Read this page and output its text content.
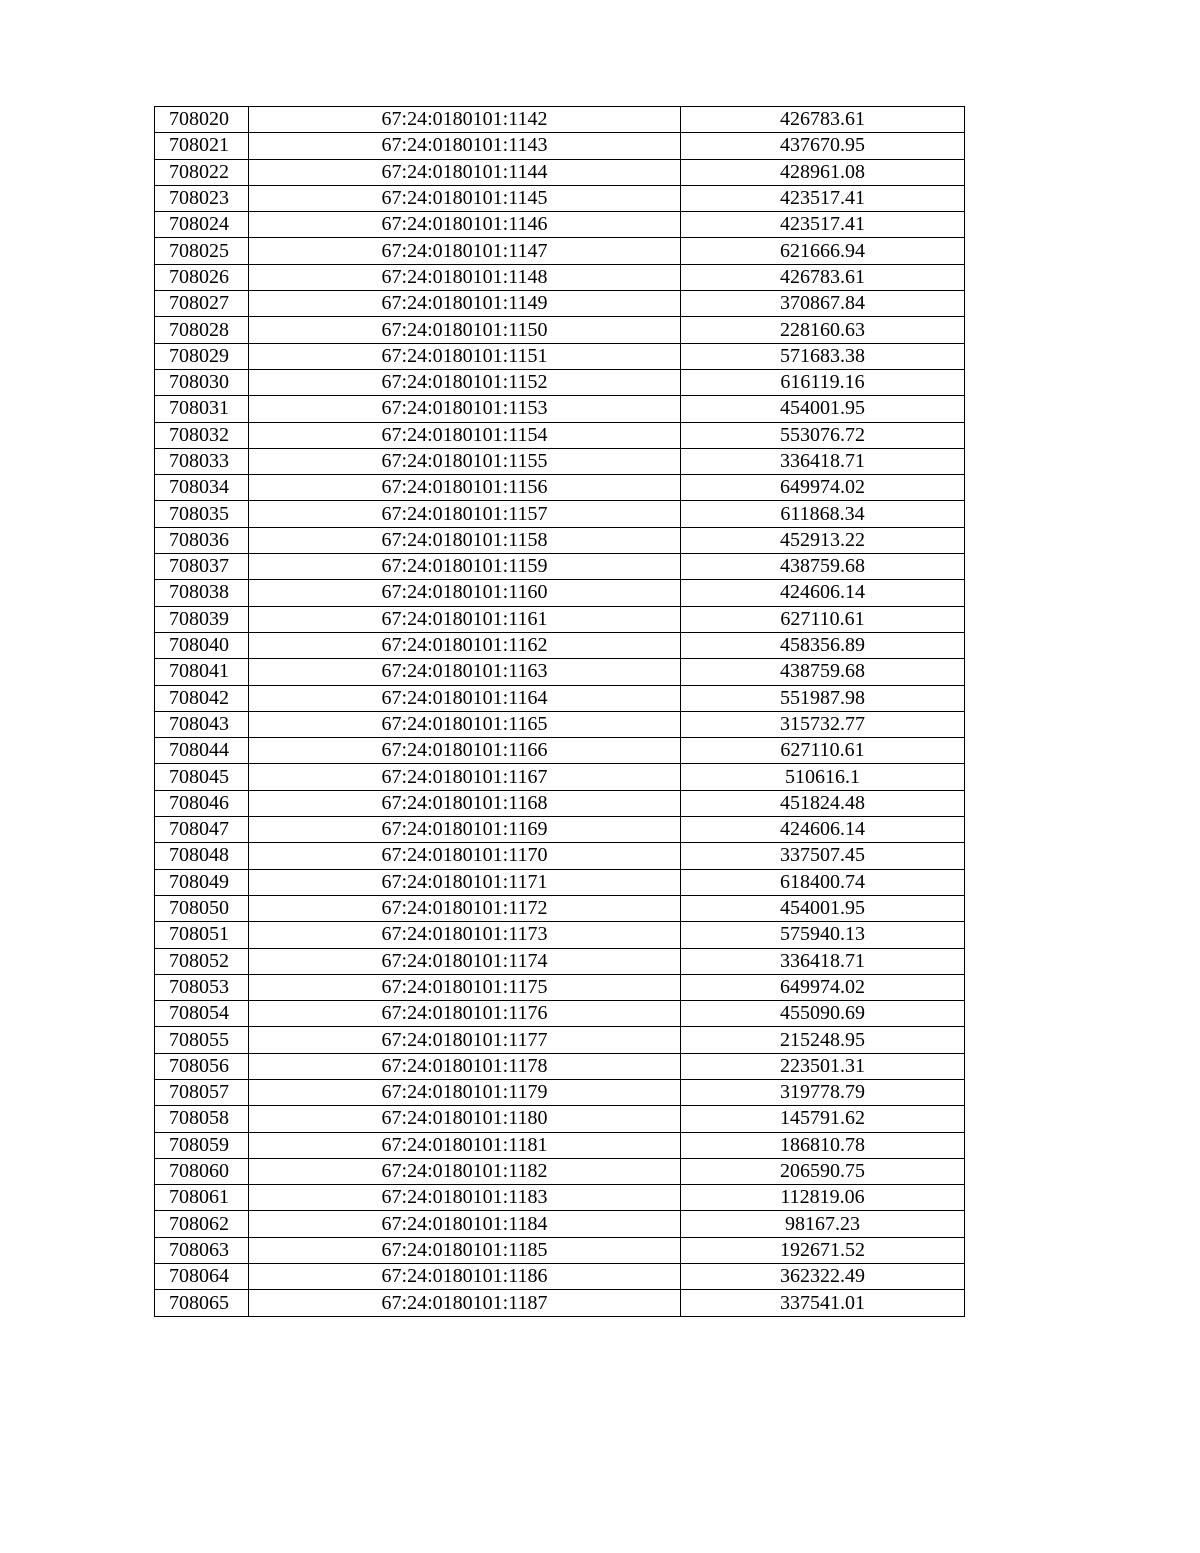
708020	67:24:0180101:1142	426783.61
708021	67:24:0180101:1143	437670.95
708022	67:24:0180101:1144	428961.08
708023	67:24:0180101:1145	423517.41
708024	67:24:0180101:1146	423517.41
708025	67:24:0180101:1147	621666.94
708026	67:24:0180101:1148	426783.61
708027	67:24:0180101:1149	370867.84
708028	67:24:0180101:1150	228160.63
708029	67:24:0180101:1151	571683.38
708030	67:24:0180101:1152	616119.16
708031	67:24:0180101:1153	454001.95
708032	67:24:0180101:1154	553076.72
708033	67:24:0180101:1155	336418.71
708034	67:24:0180101:1156	649974.02
708035	67:24:0180101:1157	611868.34
708036	67:24:0180101:1158	452913.22
708037	67:24:0180101:1159	438759.68
708038	67:24:0180101:1160	424606.14
708039	67:24:0180101:1161	627110.61
708040	67:24:0180101:1162	458356.89
708041	67:24:0180101:1163	438759.68
708042	67:24:0180101:1164	551987.98
708043	67:24:0180101:1165	315732.77
708044	67:24:0180101:1166	627110.61
708045	67:24:0180101:1167	510616.1
708046	67:24:0180101:1168	451824.48
708047	67:24:0180101:1169	424606.14
708048	67:24:0180101:1170	337507.45
708049	67:24:0180101:1171	618400.74
708050	67:24:0180101:1172	454001.95
708051	67:24:0180101:1173	575940.13
708052	67:24:0180101:1174	336418.71
708053	67:24:0180101:1175	649974.02
708054	67:24:0180101:1176	455090.69
708055	67:24:0180101:1177	215248.95
708056	67:24:0180101:1178	223501.31
708057	67:24:0180101:1179	319778.79
708058	67:24:0180101:1180	145791.62
708059	67:24:0180101:1181	186810.78
708060	67:24:0180101:1182	206590.75
708061	67:24:0180101:1183	112819.06
708062	67:24:0180101:1184	98167.23
708063	67:24:0180101:1185	192671.52
708064	67:24:0180101:1186	362322.49
708065	67:24:0180101:1187	337541.01
